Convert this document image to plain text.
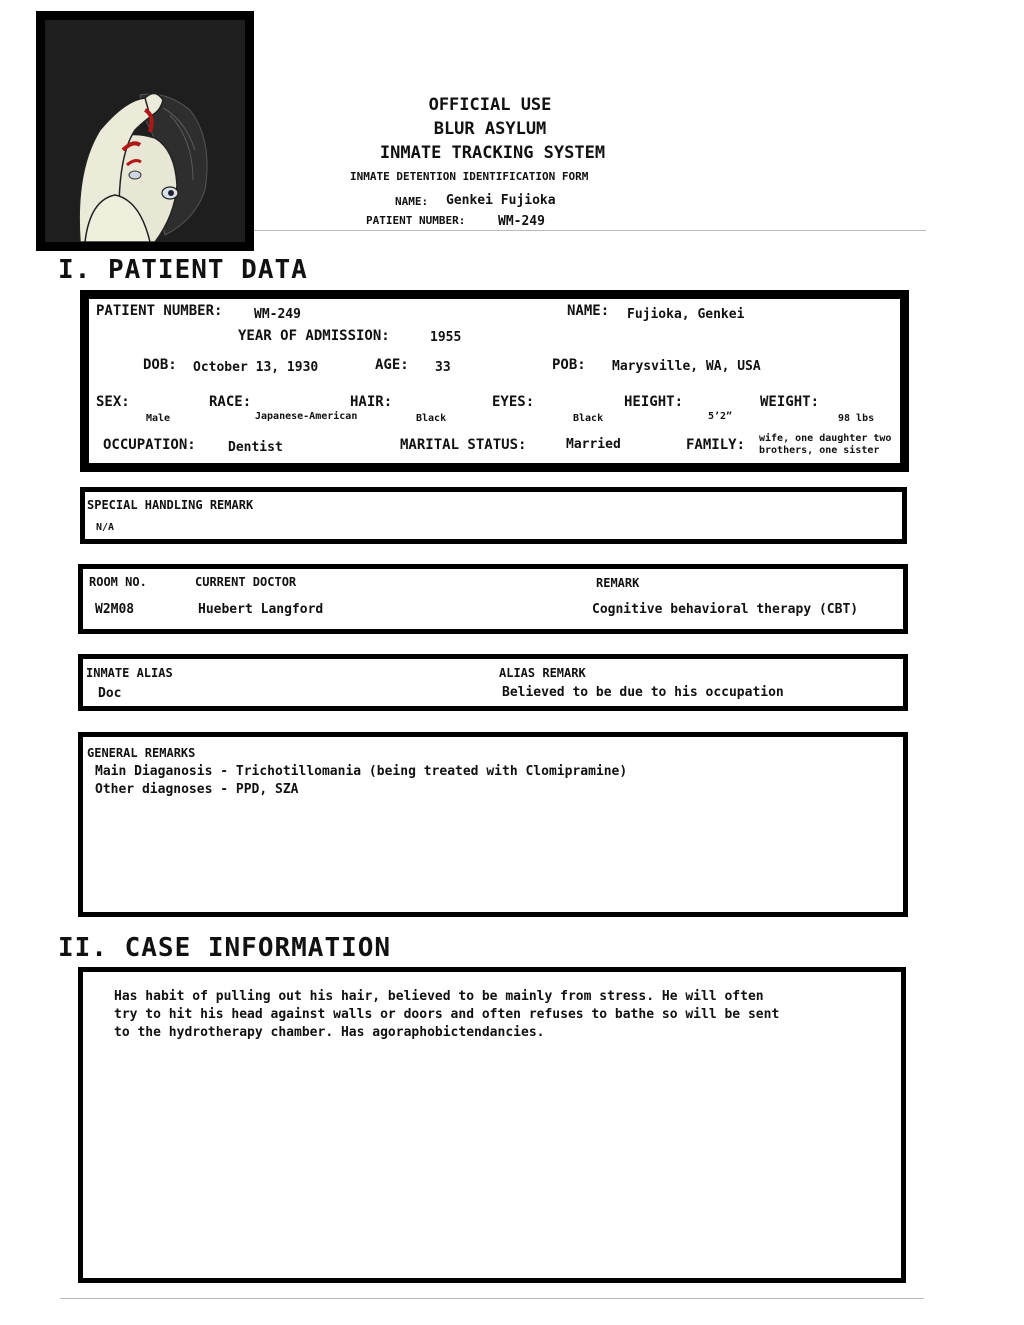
OFFICIAL USE
BLUR ASYLUM
INMATE TRACKING SYSTEM
INMATE DETENTION IDENTIFICATION FORM
NAME: Genkei Fujioka
PATIENT NUMBER:	WM-249
I. PATIENT DATA
PATIENT NUMBER: WM-249	NAME: Fujioka, Genkei
YEAR OF ADMISSION:	1955
DOB: October 13, 1930	AGE: 33	POB: Marysville, WA, USA
SEX:
Male
RACE:
Japanese-American
HAIR:
Black
EYES:
Black
HEIGHT:
5’2”
WEIGHT:
98 lbs
OCCUPATION: Dentist	MARITAL STATUS:	Married	FAMILY: wife, one daughter two
brothers, one sister
SPECIAL HANDLING REMARK
N/A
ROOM NO.
W2M08
CURRENT DOCTOR
Huebert Langford
REMARK
Cognitive behavioral therapy (CBT)
INMATE ALIAS
Doc
ALIAS REMARK
Believed to be due to his occupation
GENERAL REMARKS
Main Diaganosis - Trichotillomania (being treated with Clomipramine)
Other diagnoses - PPD, SZA
II. CASE INFORMATION
Has habit of pulling out his hair, believed to be mainly from stress. He will often
try to hit his head against walls or doors and often refuses to bathe so will be sent
to the hydrotherapy chamber. Has agoraphobictendancies.
